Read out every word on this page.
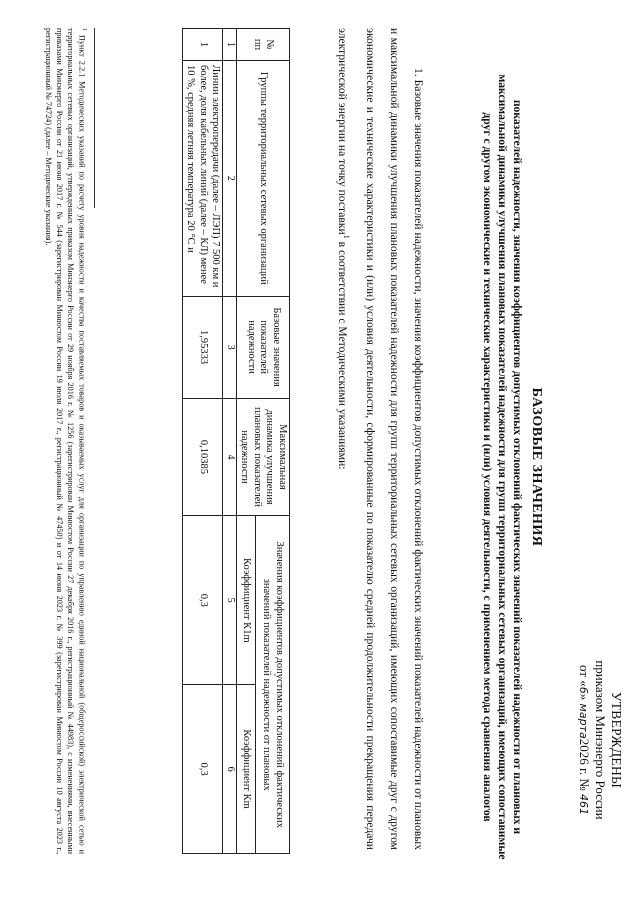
УТВЕРЖДЕНЫ
приказом Минэнерго России
от «6» марта2026 г. № 461
БАЗОВЫЕ ЗНАЧЕНИЯ
показателей надежности, значения коэффициентов допустимых отклонений фактических значений показателей надежности от плановых и максимальной динамики улучшения плановых показателей надежности для групп территориальных сетевых организаций, имеющих сопоставимые друг с другом экономические и технические характеристики и (или) условия деятельности, с применением метода сравнения аналогов
1. Базовые значения показателей надежности, значения коэффициентов допустимых отклонений фактических значений показателей надежности от плановых и максимальной динамики улучшения плановых показателей надежности для групп территориальных сетевых организаций, имеющих сопоставимые друг с другом экономические и технические характеристики и (или) условия деятельности, сформированные по показателю средней продолжительности прекращения передачи электрической энергии на точку поставки$^1$ в соответствии с Методическими указаниями:
№ пп	Группы территориальных сетевых организаций	Базовые значения показателей надежности	Максимальная динамика улучшения плановых показателей надежности	Значения коэффициентов допустимых отклонений фактических значений показателей надежности от плановых	
				Коэффициент К1m	Коэффициент Кm
1	2	3	4	5	6
1	Линии электропередачи (далее – ЛЭП) 7 500 км и более, доля кабельных линий (далее – КЛ) менее 10 %, средняя летняя температура 20 °С и	1,95333	0,10385	0,3	0,3
$^1$ Пункт 2.2.1 Методических указаний по расчету уровня надежности и качества поставляемых товаров и оказываемых услуг для организации по управлению единой национальной (общероссийской) электрической сетью и территориальных сетевых организаций, утвержденных приказом Минэнерго России от 29 ноября 2016 г. № 1256 (зарегистрирован Минюстом России 27 декабря 2016 г., регистрационный № 44983), с изменениями, внесенными приказами Минэнерго России от 21 июня 2017 г. № 544 (зарегистрирован Минюстом России 19 июля 2017 г., регистрационный № 47450) и от 14 июня 2023 г. № 399 (зарегистрирован Минюстом России 10 августа 2023 г., регистрационный № 74724) (далее – Методические указания).
